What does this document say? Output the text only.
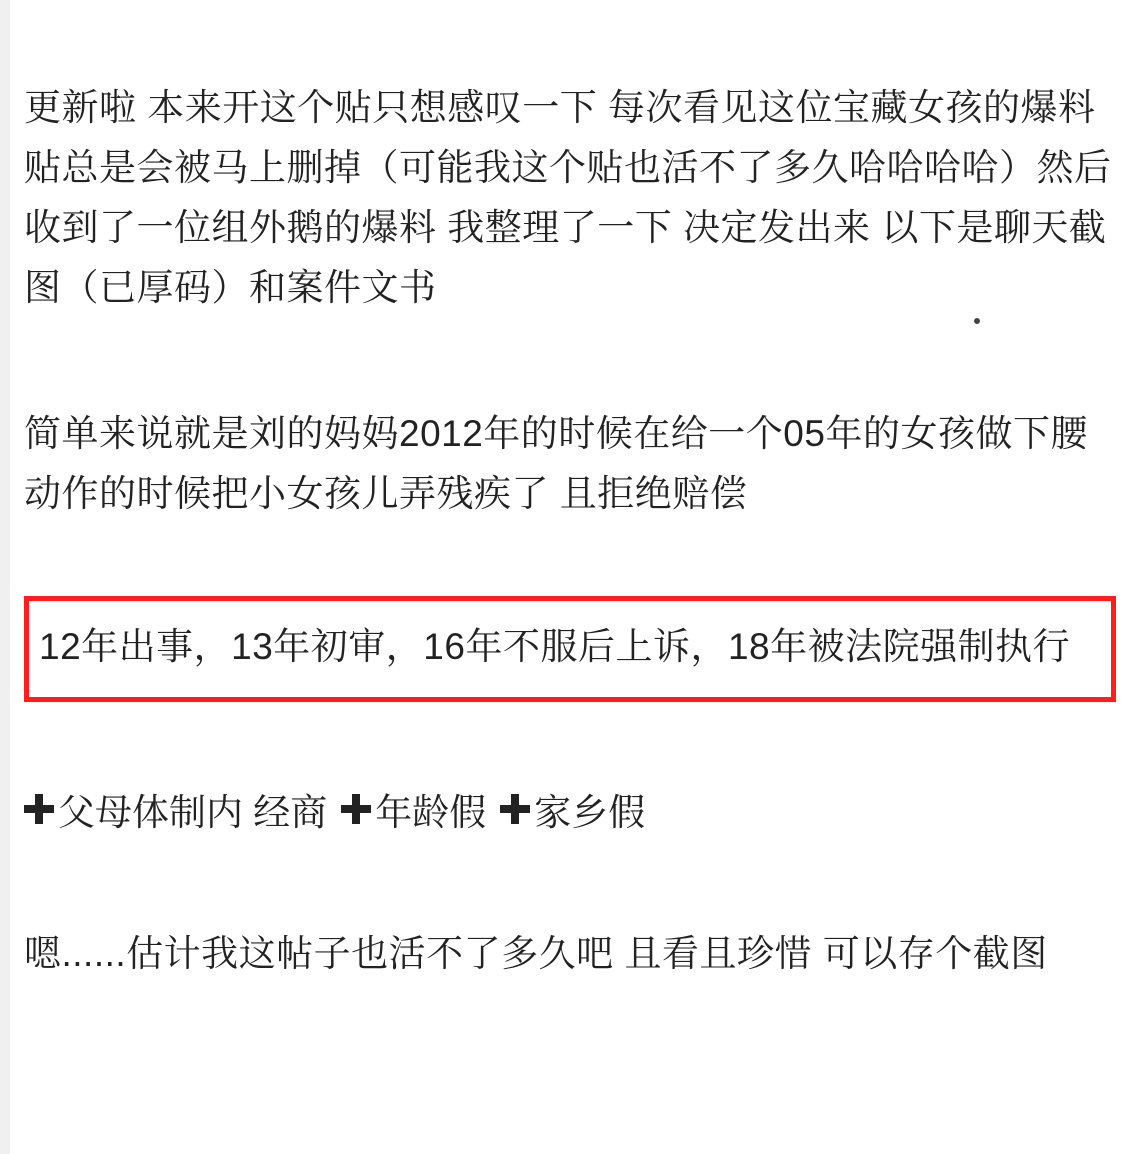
更新啦 本来开这个贴只想感叹一下 每次看见这位宝藏女孩的爆料贴总是会被马上删掉（可能我这个贴也活不了多久哈哈哈哈）然后收到了一位组外鹅的爆料 我整理了一下 决定发出来 以下是聊天截图（已厚码）和案件文书

简单来说就是刘的妈妈2012年的时候在给一个05年的女孩做下腰动作的时候把小女孩儿弄残疾了 且拒绝赔偿

12年出事，13年初审，16年不服后上诉，18年被法院强制执行

父母体制内 经商 年龄假 家乡假

嗯......估计我这帖子也活不了多久吧 且看且珍惜 可以存个截图
